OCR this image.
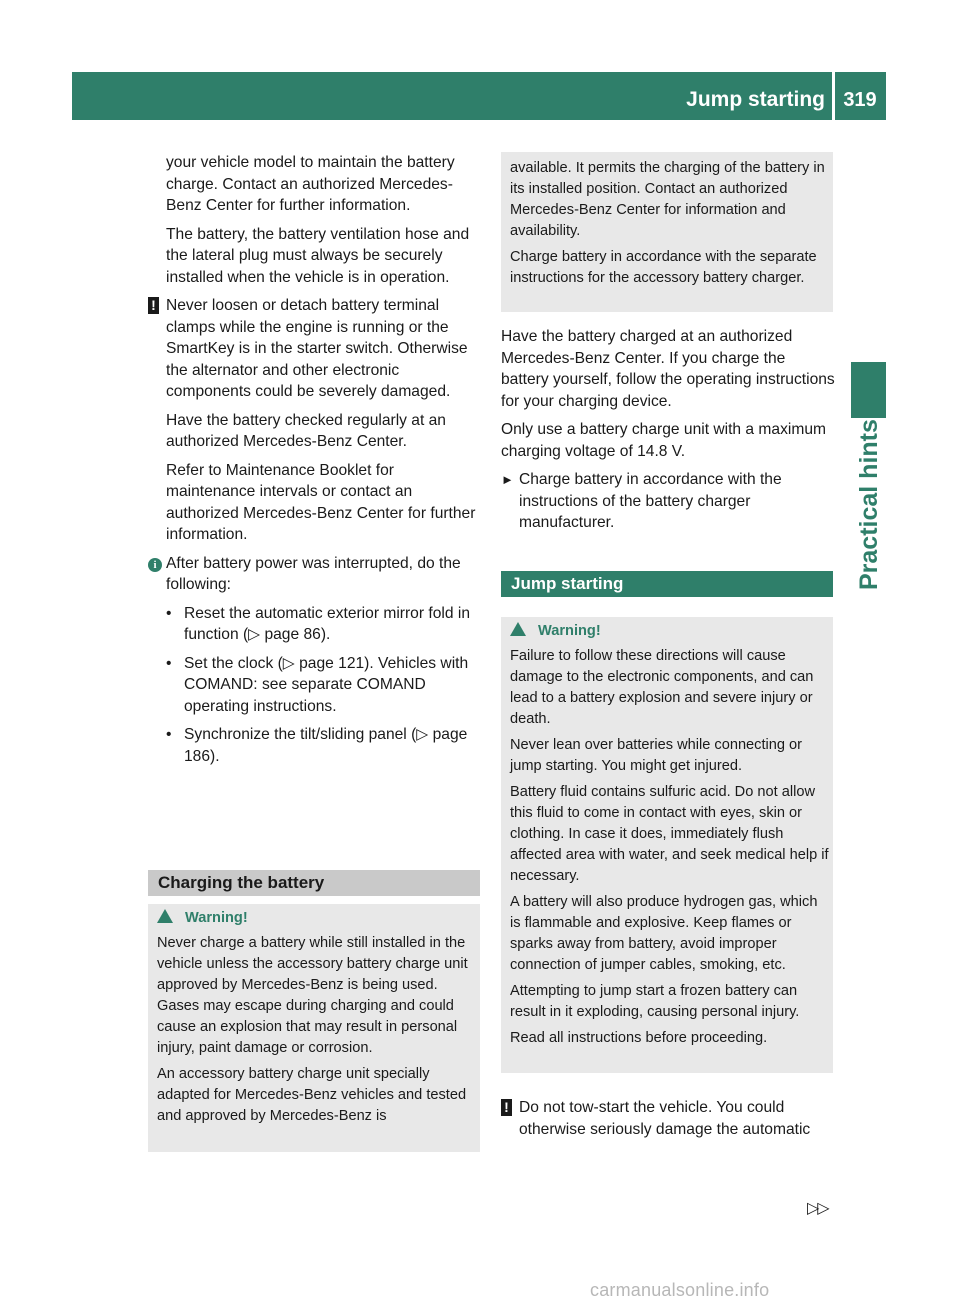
Jump starting 319
Practical hints

your vehicle model to maintain the battery charge. Contact an authorized Mercedes-Benz Center for further information.

The battery, the battery ventilation hose and the lateral plug must always be securely installed when the vehicle is in operation.

! Never loosen or detach battery terminal clamps while the engine is running or the SmartKey is in the starter switch. Otherwise the alternator and other electronic components could be severely damaged.

Have the battery checked regularly at an authorized Mercedes-Benz Center.

Refer to Maintenance Booklet for maintenance intervals or contact an authorized Mercedes-Benz Center for further information.

i After battery power was interrupted, do the following:

• Reset the automatic exterior mirror fold in function (▷ page 86).

• Set the clock (▷ page 121). Vehicles with COMAND: see separate COMAND operating instructions.

• Synchronize the tilt/sliding panel (▷ page 186).

Charging the battery

Warning!

Never charge a battery while still installed in the vehicle unless the accessory battery charge unit approved by Mercedes-Benz is being used. Gases may escape during charging and could cause an explosion that may result in personal injury, paint damage or corrosion.

An accessory battery charge unit specially adapted for Mercedes-Benz vehicles and tested and approved by Mercedes-Benz is

available. It permits the charging of the battery in its installed position. Contact an authorized Mercedes-Benz Center for information and availability.

Charge battery in accordance with the separate instructions for the accessory battery charger.

Have the battery charged at an authorized Mercedes-Benz Center. If you charge the battery yourself, follow the operating instructions for your charging device.

Only use a battery charge unit with a maximum charging voltage of 14.8 V.

► Charge battery in accordance with the instructions of the battery charger manufacturer.

Jump starting

Warning!

Failure to follow these directions will cause damage to the electronic components, and can lead to a battery explosion and severe injury or death.

Never lean over batteries while connecting or jump starting. You might get injured.

Battery fluid contains sulfuric acid. Do not allow this fluid to come in contact with eyes, skin or clothing. In case it does, immediately flush affected area with water, and seek medical help if necessary.

A battery will also produce hydrogen gas, which is flammable and explosive. Keep flames or sparks away from battery, avoid improper connection of jumper cables, smoking, etc.

Attempting to jump start a frozen battery can result in it exploding, causing personal injury.

Read all instructions before proceeding.

! Do not tow-start the vehicle. You could otherwise seriously damage the automatic
▷▷
carmanualsonline.info
